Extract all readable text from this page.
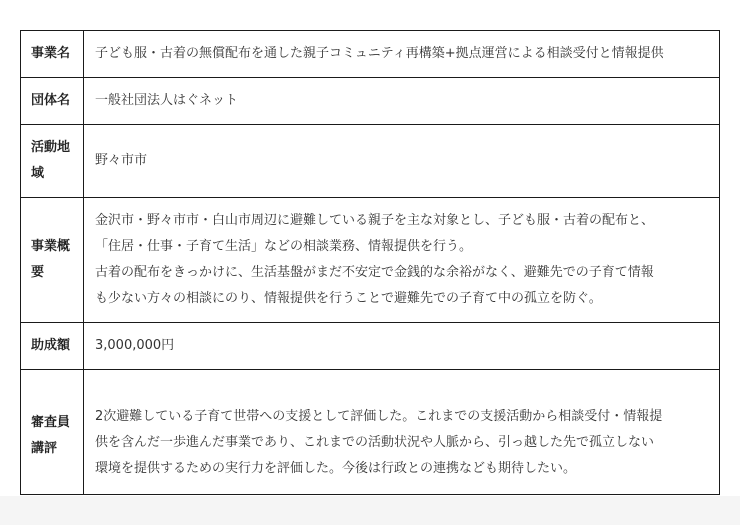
事業名	子ども服・古着の無償配布を通した親子コミュニティ再構築+拠点運営による相談受付と情報提供

団体名	一般社団法人はぐネット

活動地
域	野々市市

事業概
要	金沢市・野々市市・白山市周辺に避難している親子を主な対象とし、子ども服・古着の配布と、
「住居・仕事・子育て生活」などの相談業務、情報提供を行う。
古着の配布をきっかけに、生活基盤がまだ不安定で金銭的な余裕がなく、避難先での子育て情報
も少ない方々の相談にのり、情報提供を行うことで避難先での子育て中の孤立を防ぐ。

助成額	3,000,000円

審査員
講評	2次避難している子育て世帯への支援として評価した。これまでの支援活動から相談受付・情報提
供を含んだ一歩進んだ事業であり、これまでの活動状況や人脈から、引っ越した先で孤立しない
環境を提供するための実行力を評価した。今後は行政との連携なども期待したい。
